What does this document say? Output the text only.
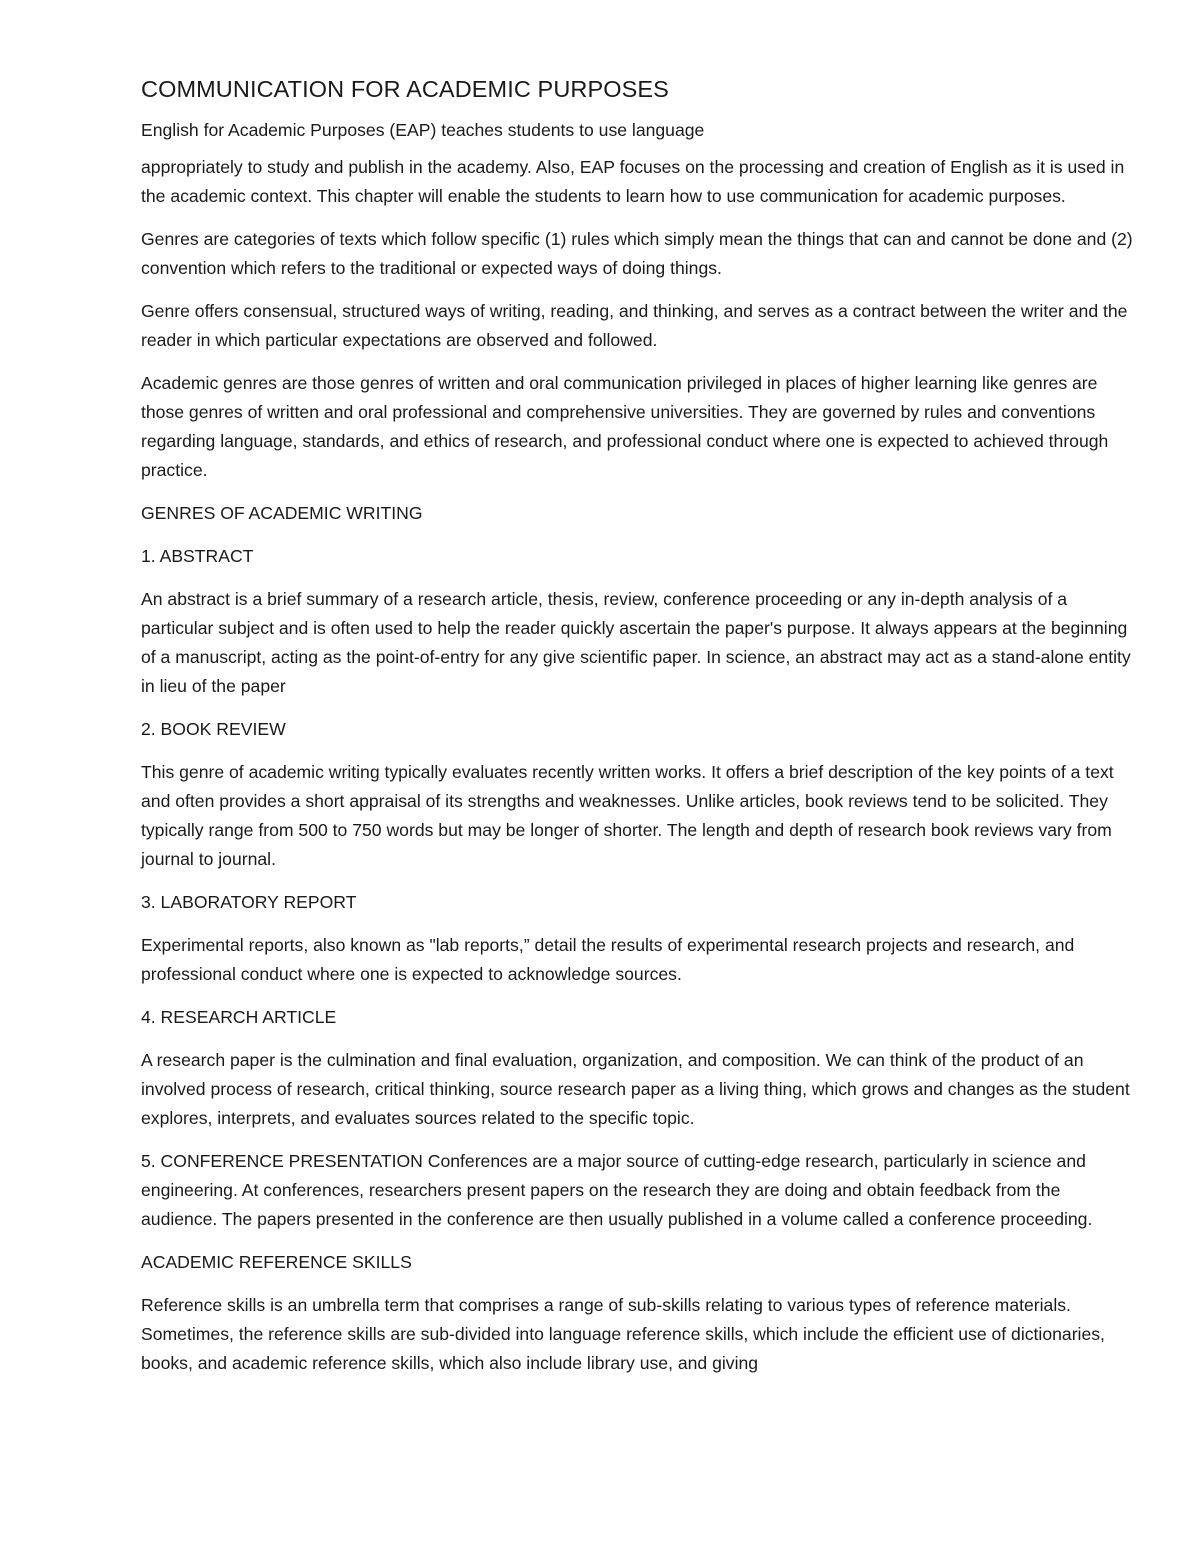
COMMUNICATION FOR ACADEMIC PURPOSES

English for Academic Purposes (EAP) teaches students to use language

appropriately to study and publish in the academy. Also, EAP focuses on the processing and creation of English as it is used in the academic context. This chapter will enable the students to learn how to use communication for academic purposes.

Genres are categories of texts which follow specific (1) rules which simply mean the things that can and cannot be done and (2) convention which refers to the traditional or expected ways of doing things.

Genre offers consensual, structured ways of writing, reading, and thinking, and serves as a contract between the writer and the reader in which particular expectations are observed and followed.

Academic genres are those genres of written and oral communication privileged in places of higher learning like genres are those genres of written and oral professional and comprehensive universities. They are governed by rules and conventions regarding language, standards, and ethics of research, and professional conduct where one is expected to achieved through practice.

GENRES OF ACADEMIC WRITING

1. ABSTRACT

An abstract is a brief summary of a research article, thesis, review, conference proceeding or any in-depth analysis of a particular subject and is often used to help the reader quickly ascertain the paper's purpose. It always appears at the beginning of a manuscript, acting as the point-of-entry for any give scientific paper. In science, an abstract may act as a stand-alone entity in lieu of the paper

2. BOOK REVIEW

This genre of academic writing typically evaluates recently written works. It offers a brief description of the key points of a text and often provides a short appraisal of its strengths and weaknesses. Unlike articles, book reviews tend to be solicited. They typically range from 500 to 750 words but may be longer of shorter. The length and depth of research book reviews vary from journal to journal.

3. LABORATORY REPORT

Experimental reports, also known as "lab reports,” detail the results of experimental research projects and research, and professional conduct where one is expected to acknowledge sources.

4. RESEARCH ARTICLE

A research paper is the culmination and final evaluation, organization, and composition. We can think of the product of an involved process of research, critical thinking, source research paper as a living thing, which grows and changes as the student explores, interprets, and evaluates sources related to the specific topic.

5. CONFERENCE PRESENTATION Conferences are a major source of cutting-edge research, particularly in science and engineering. At conferences, researchers present papers on the research they are doing and obtain feedback from the audience. The papers presented in the conference are then usually published in a volume called a conference proceeding.

ACADEMIC REFERENCE SKILLS

Reference skills is an umbrella term that comprises a range of sub-skills relating to various types of reference materials. Sometimes, the reference skills are sub-divided into language reference skills, which include the efficient use of dictionaries, books, and academic reference skills, which also include library use, and giving
